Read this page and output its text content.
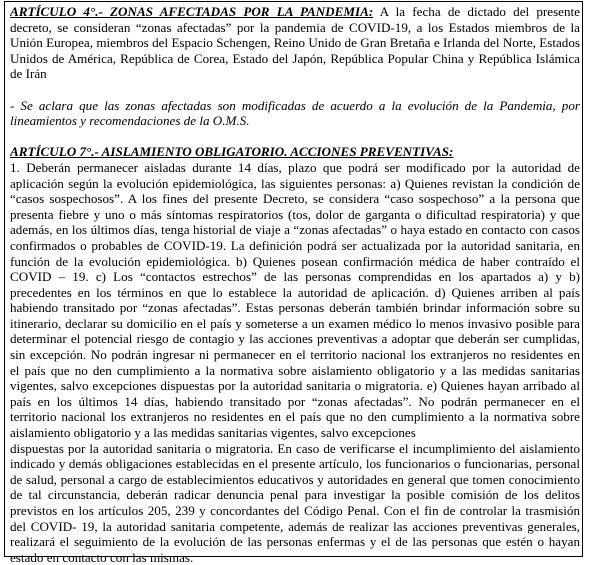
ARTÍCULO 4°.- ZONAS AFECTADAS POR LA PANDEMIA: A la fecha de dictado del presente
decreto, se consideran “zonas afectadas” por la pandemia de COVID-19, a los Estados miembros de la
Unión Europea, miembros del Espacio Schengen, Reino Unido de Gran Bretaña e Irlanda del Norte, Estados
Unidos de América, República de Corea, Estado del Japón, República Popular China y República Islámica
de Irán
- Se aclara que las zonas afectadas son modificadas de acuerdo a la evolución de la Pandemia, por
lineamientos y recomendaciones de la O.M.S.
ARTÍCULO 7°.- AISLAMIENTO OBLIGATORIO. ACCIONES PREVENTIVAS:
1. Deberán permanecer aisladas durante 14 días, plazo que podrá ser modificado por la autoridad de
aplicación según la evolución epidemiológica, las siguientes personas: a) Quienes revistan la condición de
“casos sospechosos”. A los fines del presente Decreto, se considera “caso sospechoso” a la persona que
presenta fiebre y uno o más síntomas respiratorios (tos, dolor de garganta o dificultad respiratoria) y que
además, en los últimos días, tenga historial de viaje a “zonas afectadas” o haya estado en contacto con casos
confirmados o probables de COVID-19. La definición podrá ser actualizada por la autoridad sanitaria, en
función de la evolución epidemiológica. b) Quienes posean confirmación médica de haber contraído el
COVID – 19. c) Los “contactos estrechos” de las personas comprendidas en los apartados a) y b)
precedentes en los términos en que lo establece la autoridad de aplicación. d) Quienes arriben al país
habiendo transitado por “zonas afectadas”. Estas personas deberán también brindar información sobre su
itinerario, declarar su domicilio en el país y someterse a un examen médico lo menos invasivo posible para
determinar el potencial riesgo de contagio y las acciones preventivas a adoptar que deberán ser cumplidas,
sin excepción. No podrán ingresar ni permanecer en el territorio nacional los extranjeros no residentes en
el país que no den cumplimiento a la normativa sobre aislamiento obligatorio y a las medidas sanitarias
vigentes, salvo excepciones dispuestas por la autoridad sanitaria o migratoria. e) Quienes hayan arribado al
país en los últimos 14 días, habiendo transitado por “zonas afectadas”. No podrán permanecer en el
territorio nacional los extranjeros no residentes en el país que no den cumplimiento a la normativa sobre
aislamiento obligatorio y a las medidas sanitarias vigentes, salvo excepciones
dispuestas por la autoridad sanitaria o migratoria. En caso de verificarse el incumplimiento del aislamiento
indicado y demás obligaciones establecidas en el presente artículo, los funcionarios o funcionarias, personal
de salud, personal a cargo de establecimientos educativos y autoridades en general que tomen conocimiento
de tal circunstancia, deberán radicar denuncia penal para investigar la posible comisión de los delitos
previstos en los artículos 205, 239 y concordantes del Código Penal. Con el fin de controlar la trasmisión
del COVID- 19, la autoridad sanitaria competente, además de realizar las acciones preventivas generales,
realizará el seguimiento de la evolución de las personas enfermas y el de las personas que estén o hayan
estado en contacto con las mismas.
